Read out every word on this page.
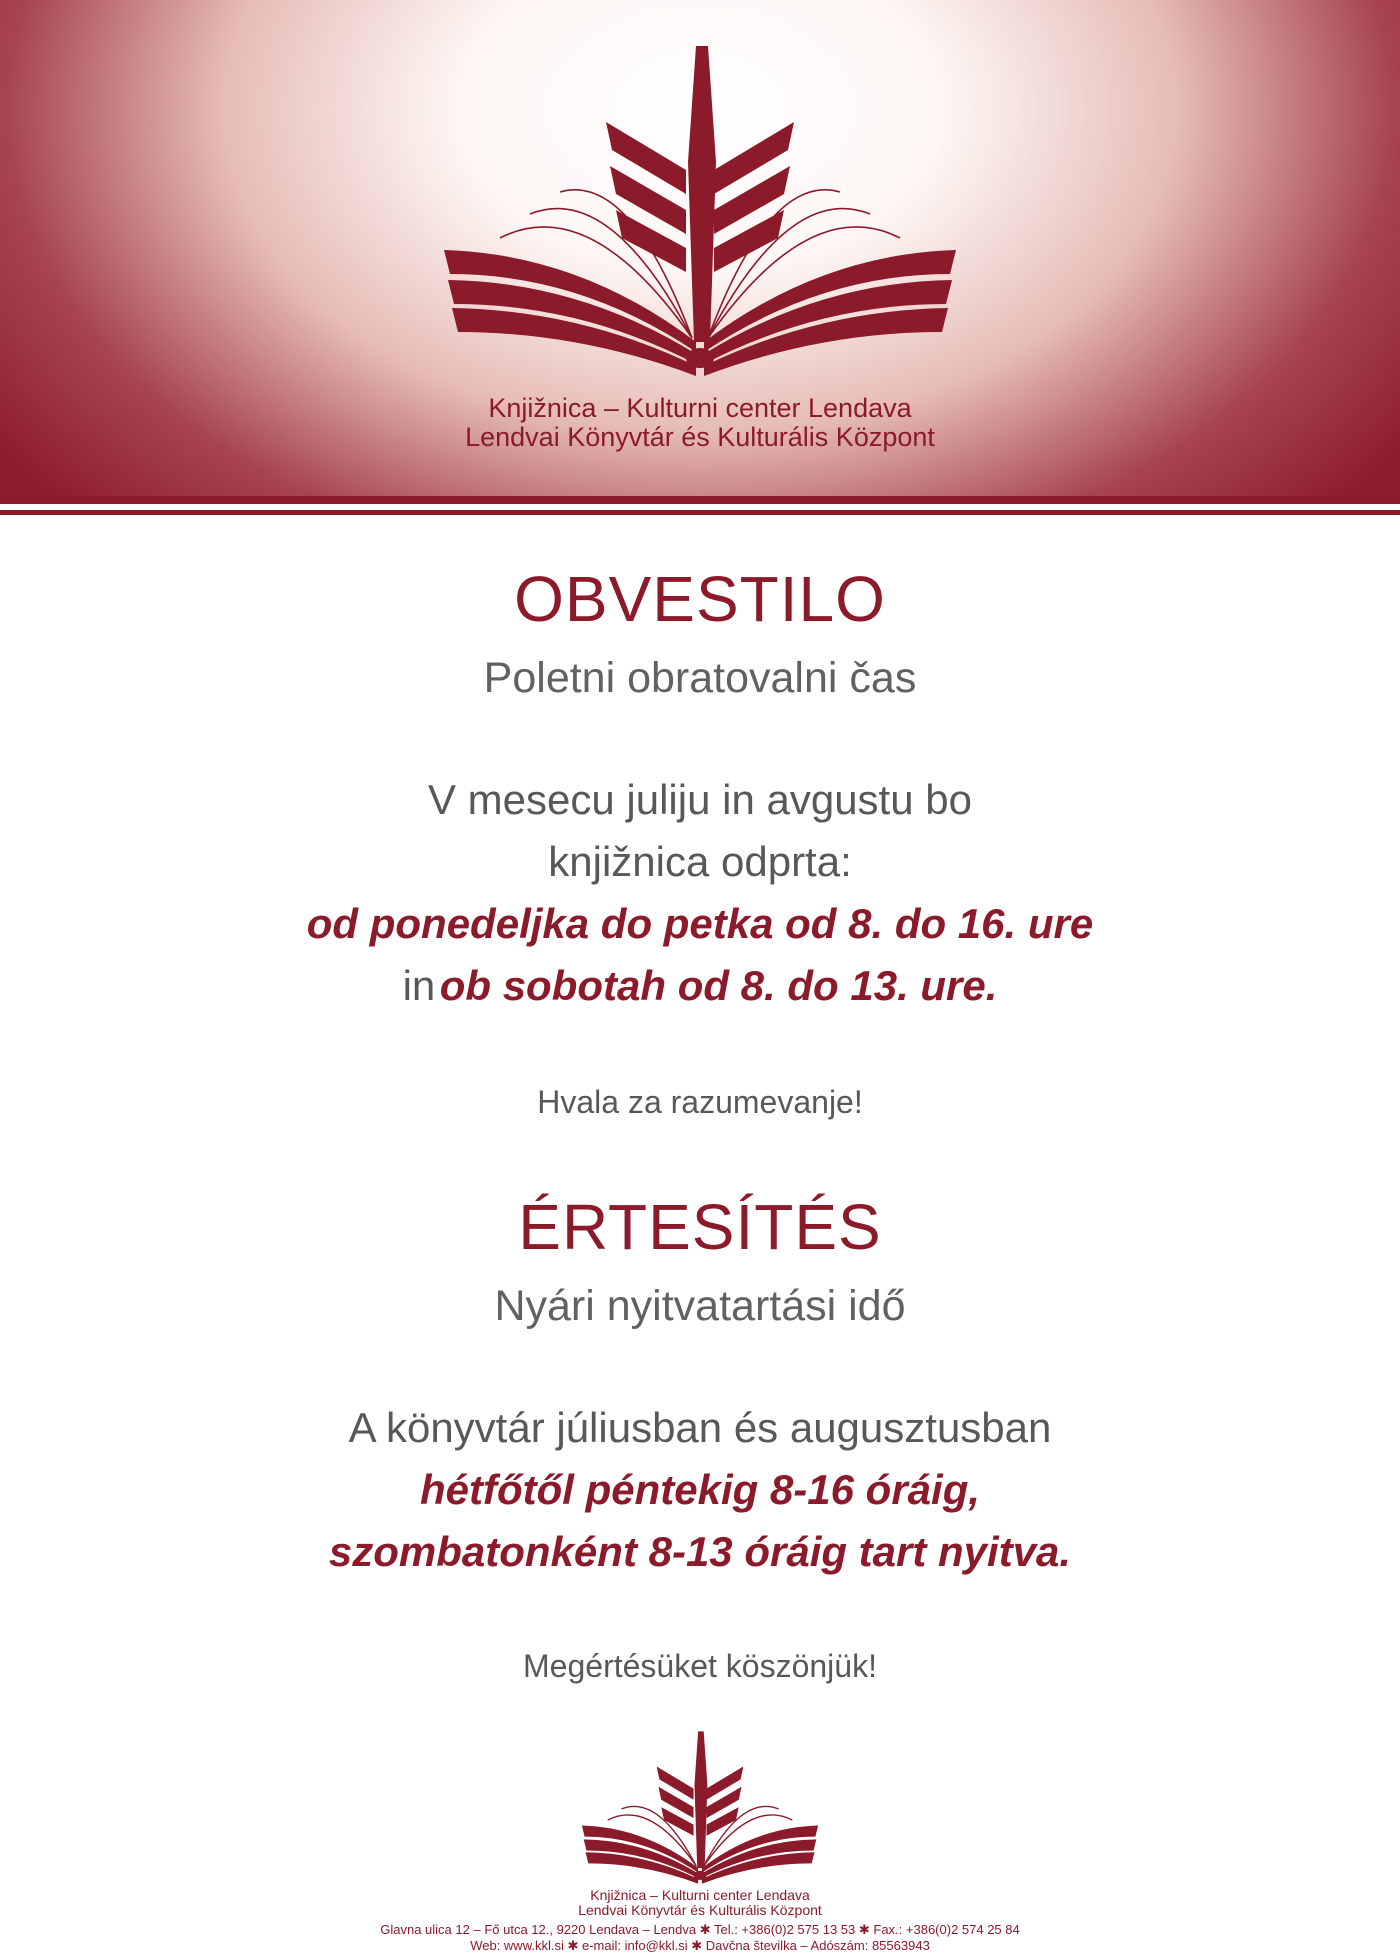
Knjižnica – Kulturni center Lendava
Lendvai Könyvtár és Kulturális Központ
OBVESTILO
Poletni obratovalni čas
V mesecu juliju in avgustu bo
knjižnica odprta:
od ponedeljka do petka od 8. do 16. ure
in ob sobotah od 8. do 13. ure.
Hvala za razumevanje!
ÉRTESÍTÉS
Nyári nyitvatartási idő
A könyvtár júliusban és augusztusban
hétfőtől péntekig 8-16 óráig,
szombatonként 8-13 óráig tart nyitva.
Megértésüket köszönjük!
Knjižnica – Kulturni center Lendava
Lendvai Könyvtár és Kulturális Központ
Glavna ulica 12 – Fő utca 12., 9220 Lendava – Lendva ✱ Tel.: +386(0)2 575 13 53 ✱ Fax.: +386(0)2 574 25 84
Web: www.kkl.si ✱ e-mail: info@kkl.si ✱ Davčna številka – Adószám: 85563943
